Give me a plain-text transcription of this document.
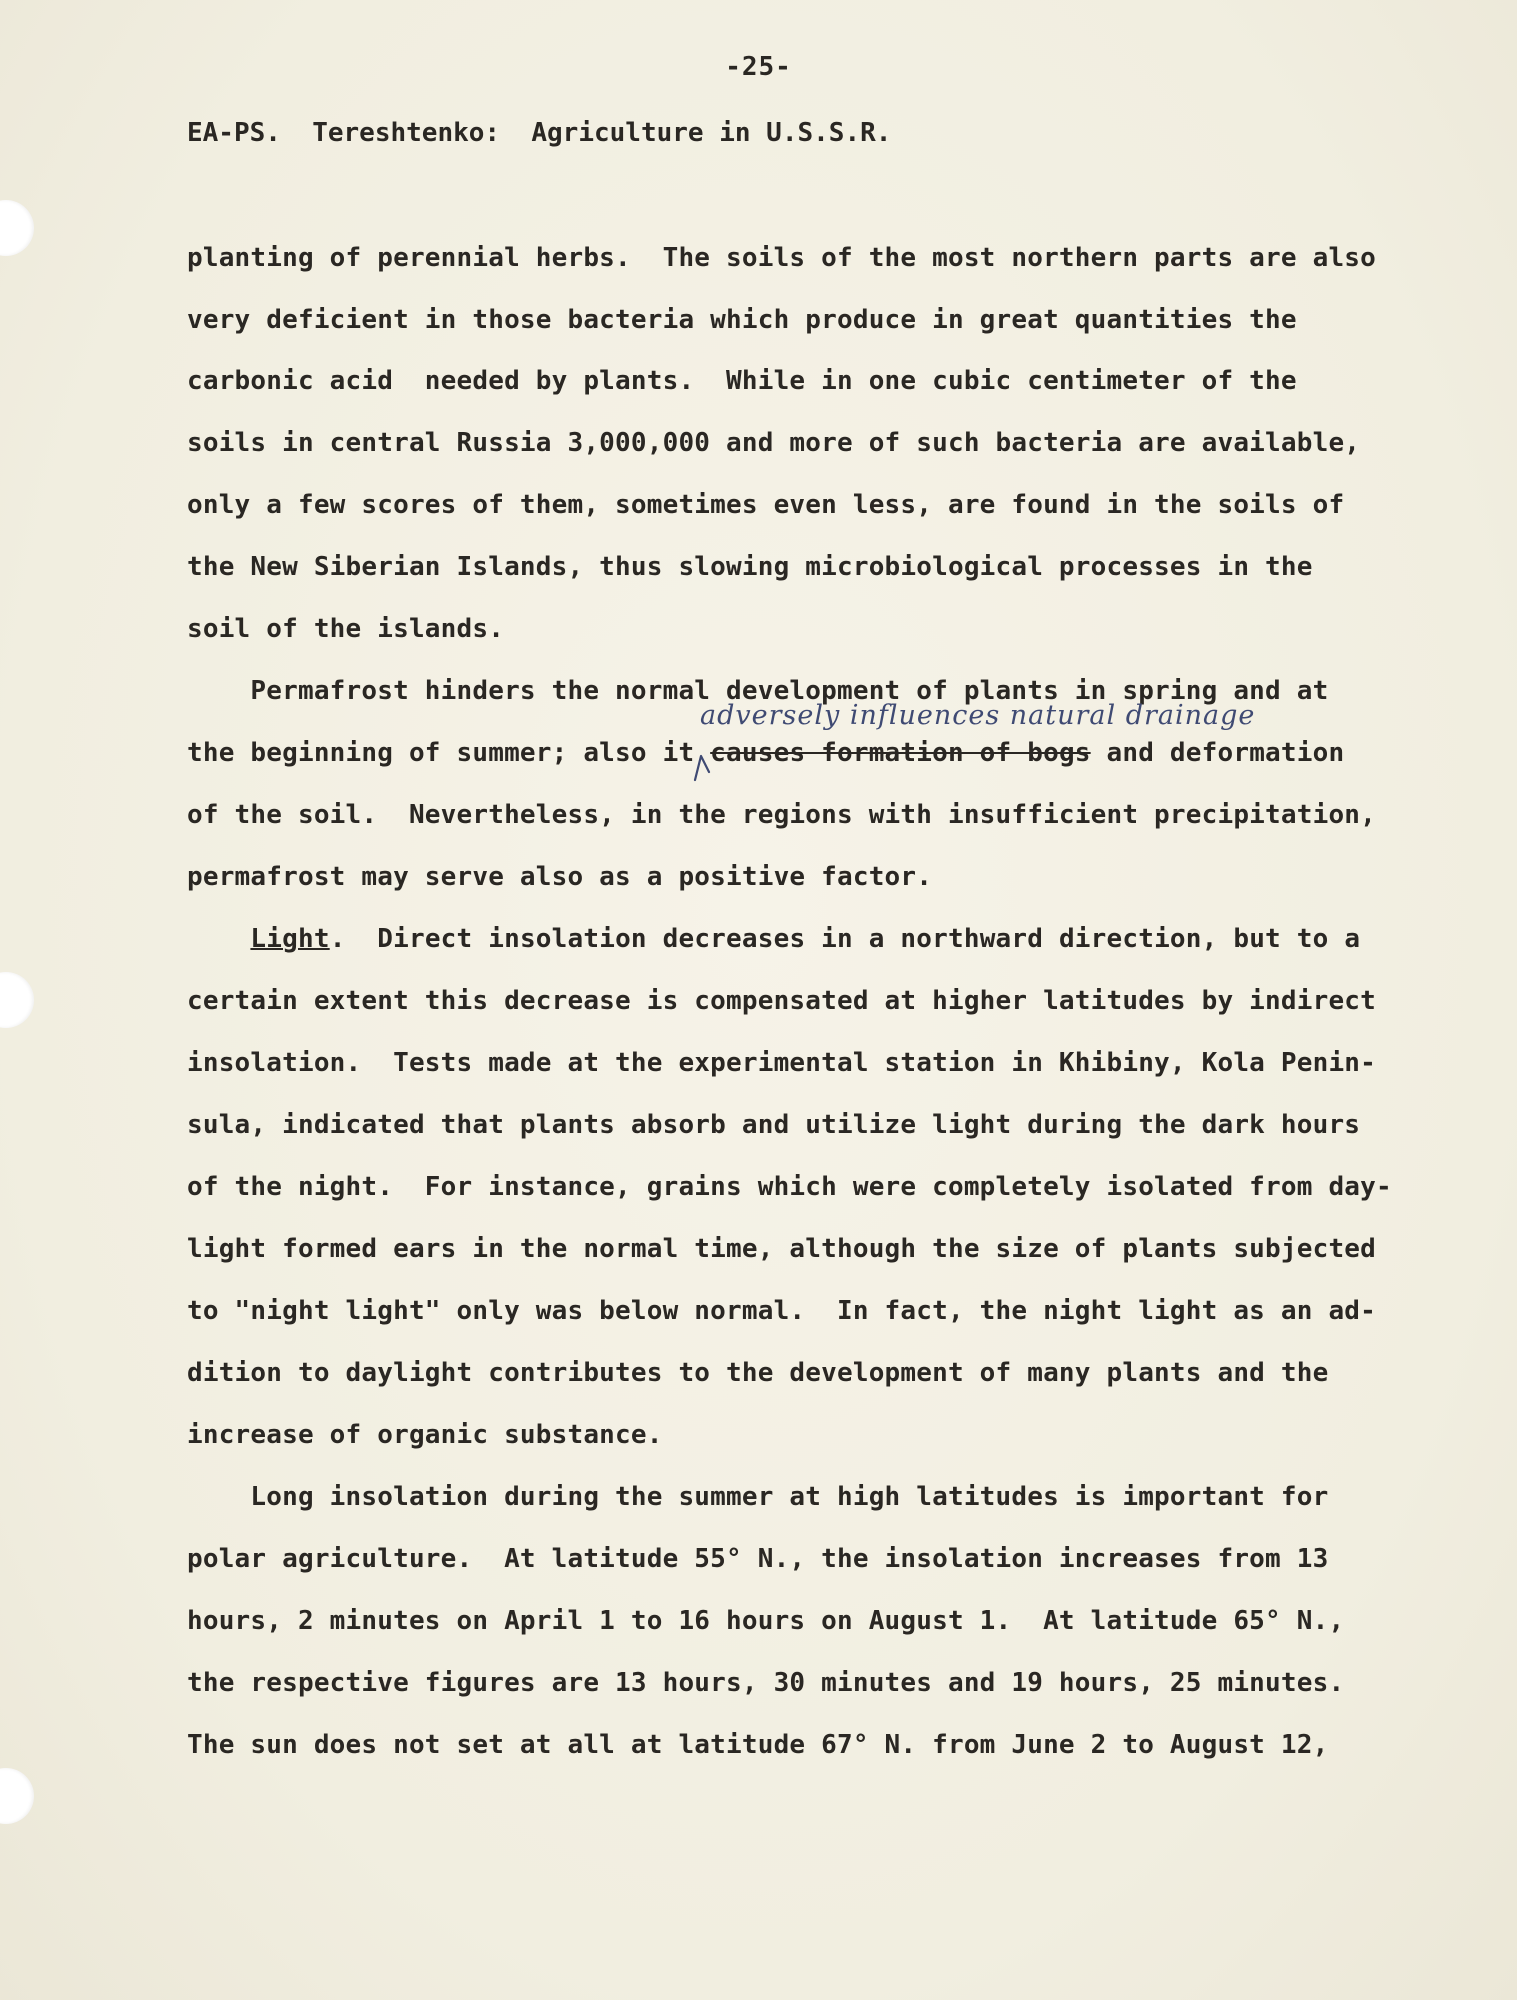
-25-
EA-PS.  Tereshtenko:  Agriculture in U.S.S.R.
planting of perennial herbs.  The soils of the most northern parts are also
very deficient in those bacteria which produce in great quantities the
carbonic acid  needed by plants.  While in one cubic centimeter of the
soils in central Russia 3,000,000 and more of such bacteria are available,
only a few scores of them, sometimes even less, are found in the soils of
the New Siberian Islands, thus slowing microbiological processes in the
soil of the islands.
Permafrost hinders the normal development of plants in spring and at
the beginning of summer; also it causes formation of bogs and deformation
of the soil.  Nevertheless, in the regions with insufficient precipitation,
permafrost may serve also as a positive factor.
Light.  Direct insolation decreases in a northward direction, but to a
certain extent this decrease is compensated at higher latitudes by indirect
insolation.  Tests made at the experimental station in Khibiny, Kola Penin-
sula, indicated that plants absorb and utilize light during the dark hours
of the night.  For instance, grains which were completely isolated from day-
light formed ears in the normal time, although the size of plants subjected
to "night light" only was below normal.  In fact, the night light as an ad-
dition to daylight contributes to the development of many plants and the
increase of organic substance.
Long insolation during the summer at high latitudes is important for
polar agriculture.  At latitude 55° N., the insolation increases from 13
hours, 2 minutes on April 1 to 16 hours on August 1.  At latitude 65° N.,
the respective figures are 13 hours, 30 minutes and 19 hours, 25 minutes.
The sun does not set at all at latitude 67° N. from June 2 to August 12,
adversely influences natural drainage
